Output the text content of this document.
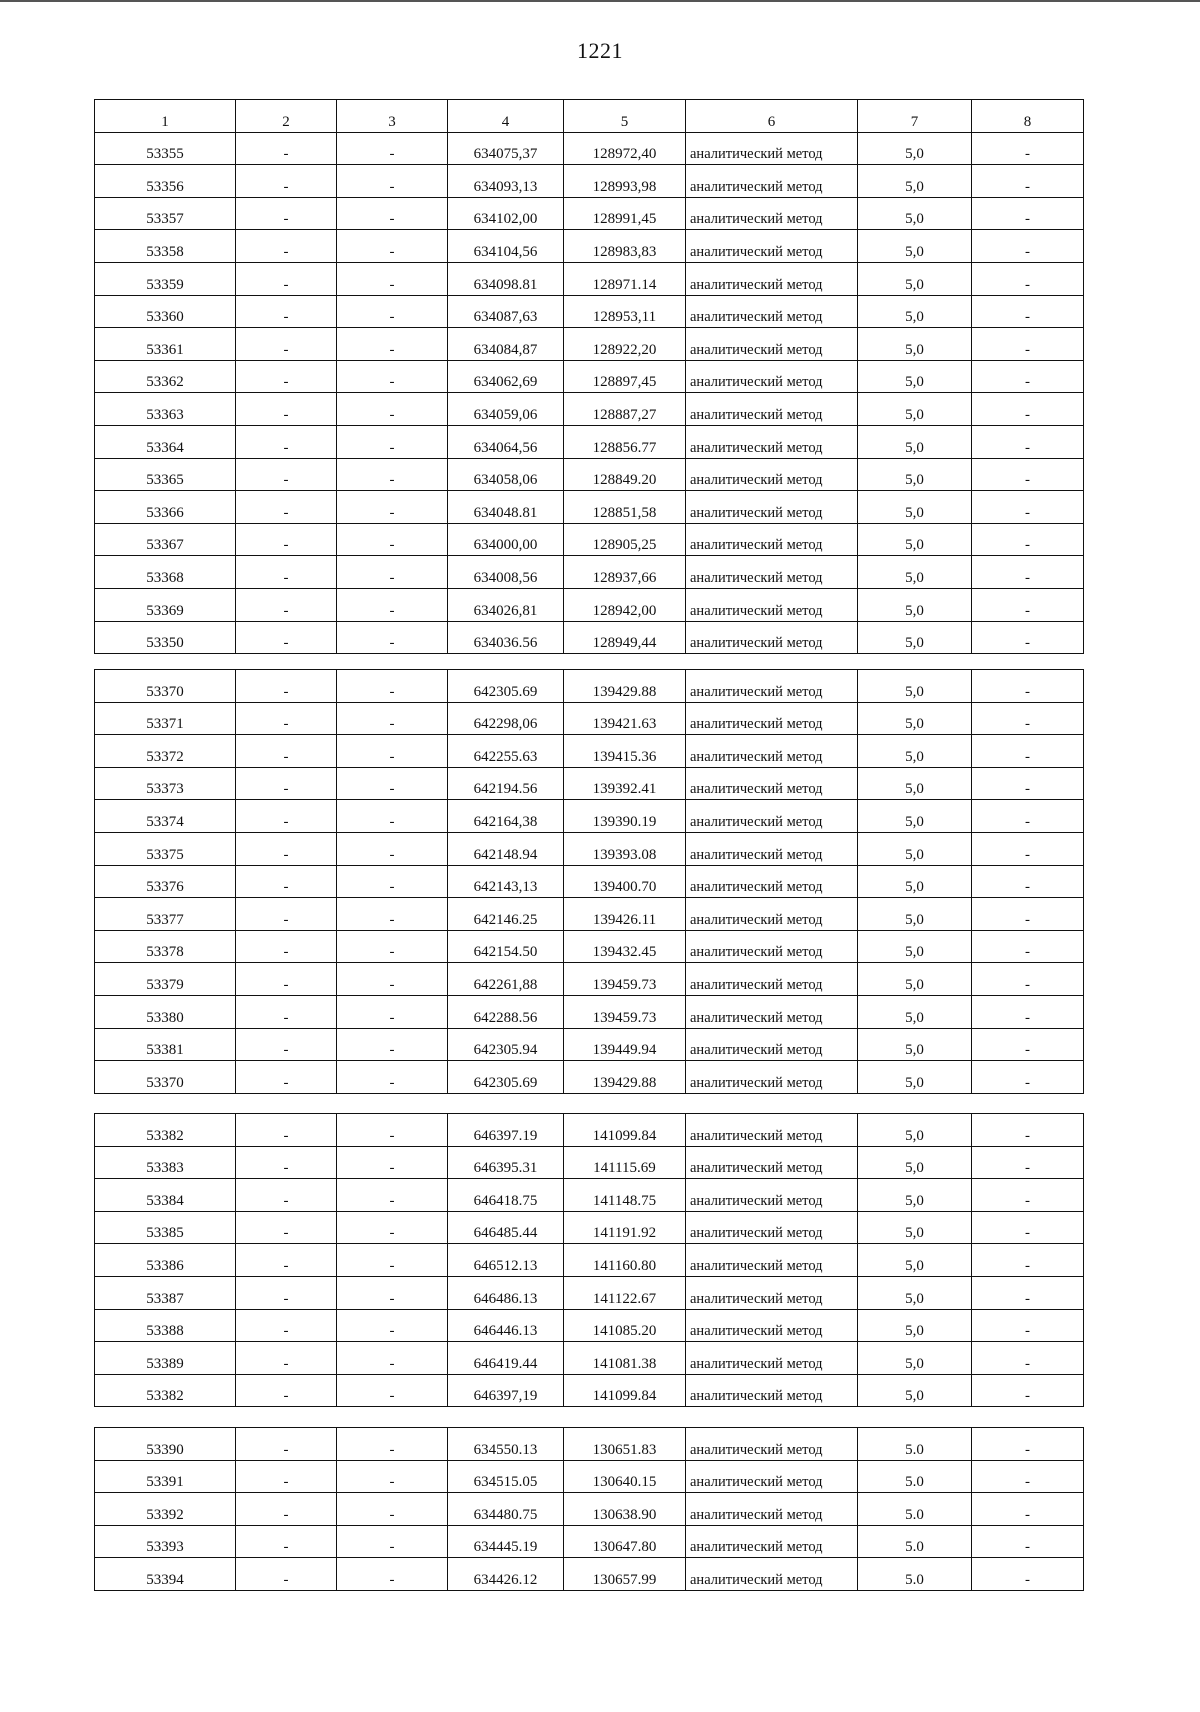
1221
1	2	3	4	5	6	7	8
53355	-	-	634075,37	128972,40	аналитический метод	5,0	-
53356	-	-	634093,13	128993,98	аналитический метод	5,0	-
53357	-	-	634102,00	128991,45	аналитический метод	5,0	-
53358	-	-	634104,56	128983,83	аналитический метод	5,0	-
53359	-	-	634098.81	128971.14	аналитический метод	5,0	-
53360	-	-	634087,63	128953,11	аналитический метод	5,0	-
53361	-	-	634084,87	128922,20	аналитический метод	5,0	-
53362	-	-	634062,69	128897,45	аналитический метод	5,0	-
53363	-	-	634059,06	128887,27	аналитический метод	5,0	-
53364	-	-	634064,56	128856.77	аналитический метод	5,0	-
53365	-	-	634058,06	128849.20	аналитический метод	5,0	-
53366	-	-	634048.81	128851,58	аналитический метод	5,0	-
53367	-	-	634000,00	128905,25	аналитический метод	5,0	-
53368	-	-	634008,56	128937,66	аналитический метод	5,0	-
53369	-	-	634026,81	128942,00	аналитический метод	5,0	-
53350	-	-	634036.56	128949,44	аналитический метод	5,0	-
53370	-	-	642305.69	139429.88	аналитический метод	5,0	-
53371	-	-	642298,06	139421.63	аналитический метод	5,0	-
53372	-	-	642255.63	139415.36	аналитический метод	5,0	-
53373	-	-	642194.56	139392.41	аналитический метод	5,0	-
53374	-	-	642164,38	139390.19	аналитический метод	5,0	-
53375	-	-	642148.94	139393.08	аналитический метод	5,0	-
53376	-	-	642143,13	139400.70	аналитический метод	5,0	-
53377	-	-	642146.25	139426.11	аналитический метод	5,0	-
53378	-	-	642154.50	139432.45	аналитический метод	5,0	-
53379	-	-	642261,88	139459.73	аналитический метод	5,0	-
53380	-	-	642288.56	139459.73	аналитический метод	5,0	-
53381	-	-	642305.94	139449.94	аналитический метод	5,0	-
53370	-	-	642305.69	139429.88	аналитический метод	5,0	-
53382	-	-	646397.19	141099.84	аналитический метод	5,0	-
53383	-	-	646395.31	141115.69	аналитический метод	5,0	-
53384	-	-	646418.75	141148.75	аналитический метод	5,0	-
53385	-	-	646485.44	141191.92	аналитический метод	5,0	-
53386	-	-	646512.13	141160.80	аналитический метод	5,0	-
53387	-	-	646486.13	141122.67	аналитический метод	5,0	-
53388	-	-	646446.13	141085.20	аналитический метод	5,0	-
53389	-	-	646419.44	141081.38	аналитический метод	5,0	-
53382	-	-	646397,19	141099.84	аналитический метод	5,0	-
53390	-	-	634550.13	130651.83	аналитический метод	5.0	-
53391	-	-	634515.05	130640.15	аналитический метод	5.0	-
53392	-	-	634480.75	130638.90	аналитический метод	5.0	-
53393	-	-	634445.19	130647.80	аналитический метод	5.0	-
53394	-	-	634426.12	130657.99	аналитический метод	5.0	-
